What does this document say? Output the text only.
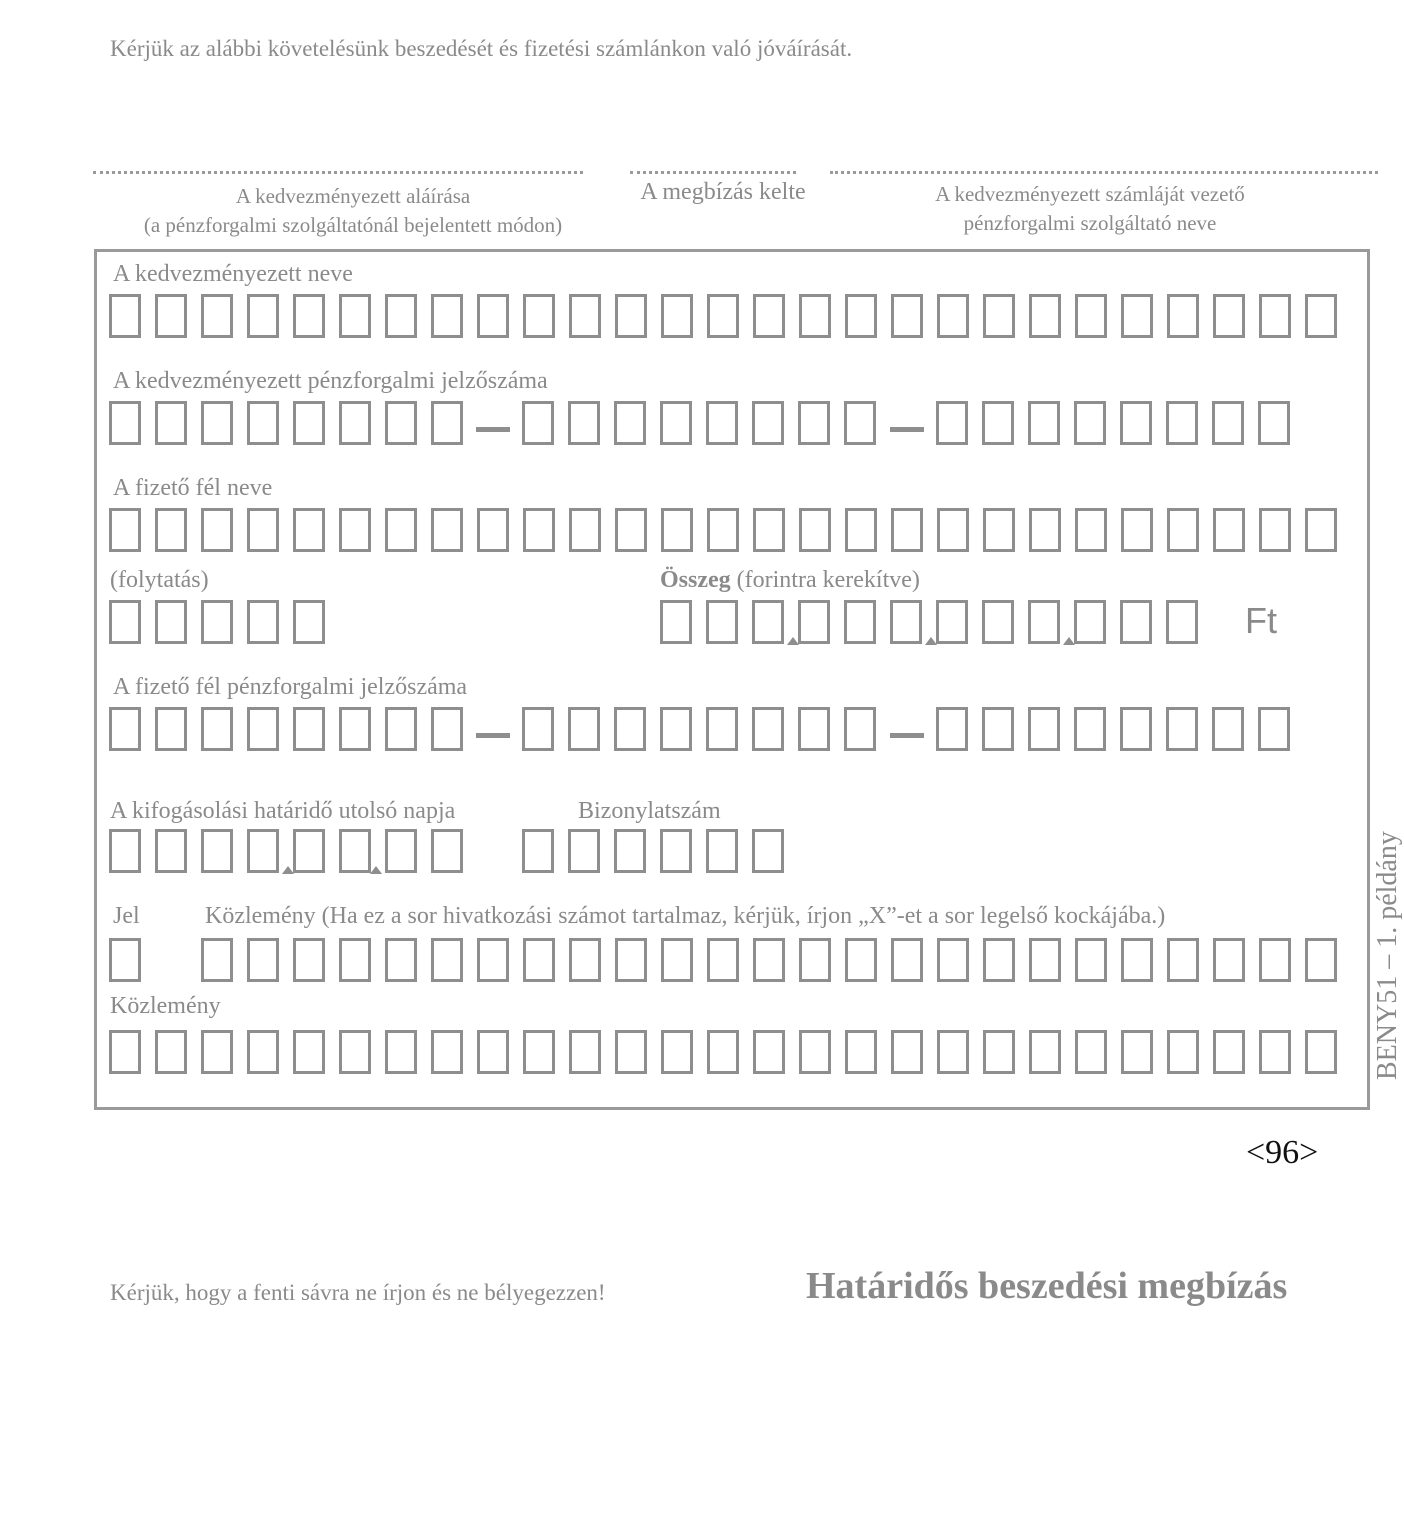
Kérjük az alábbi követelésünk beszedését és fizetési számlánkon való jóváírását.
A kedvezményezett aláírása
(a pénzforgalmi szolgáltatónál bejelentett módon)
A megbízás kelte	A kedvezményezett számláját vezető
pénzforgalmi szolgáltató neve
A kedvezményezett neve
A kedvezményezett pénzforgalmi jelzőszáma
A fizető fél neve
(folytatás)	Összeg (forintra kerekítve)
Ft
A fizető fél pénzforgalmi jelzőszáma
A kifogásolási határidő utolsó napja	Bizonylatszám
Jel	Közlemény (Ha ez a sor hivatkozási számot tartalmaz, kérjük, írjon „X”-et a sor legelső kockájába.)
Közlemény	BENY51 – 1. példány
<96>
Kérjük, hogy a fenti sávra ne írjon és ne bélyegezzen!	Határidős beszedési megbízás
